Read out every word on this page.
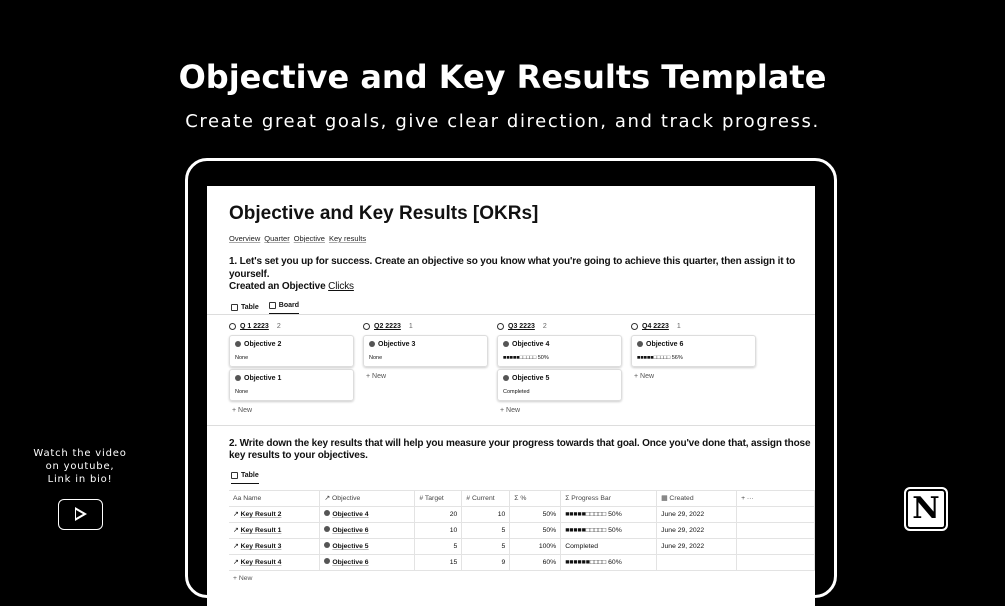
Objective and Key Results Template
Create great goals, give clear direction, and track progress.
Watch the video
on youtube,
Link in bio!
N
Objective and Key Results [OKRs]
Overview Quarter Objective Key results
1. Let's set you up for success. Create an objective so you know what you're going to achieve this quarter, then assign it to yourself.
Created an Objective Clicks
Table	Board
Q 1 2223 2
Objective 2
None
Objective 1
None
+ New
Q2 2223 1
Objective 3
None
+ New
Q3 2223 2
Objective 4
■■■■■□□□□□ 50%
Objective 5
Completed
+ New
Q4 2223 1
Objective 6
■■■■■□□□□□ 56%
+ New
2. Write down the key results that will help you measure your progress towards that goal. Once you've done that, assign those key results to your objectives.
Table
Aa Name	↗ Objective	# Target	# Current	Σ %	Σ Progress Bar	▦ Created	+ ···
↗ Key Result 2	Objective 4	20	10	50%	■■■■■□□□□□ 50%	June 29, 2022	
↗ Key Result 1	Objective 6	10	5	50%	■■■■■□□□□□ 50%	June 29, 2022	
↗ Key Result 3	Objective 5	5	5	100%	Completed	June 29, 2022	
↗ Key Result 4	Objective 6	15	9	60%	■■■■■■□□□□ 60%		
+ New							
